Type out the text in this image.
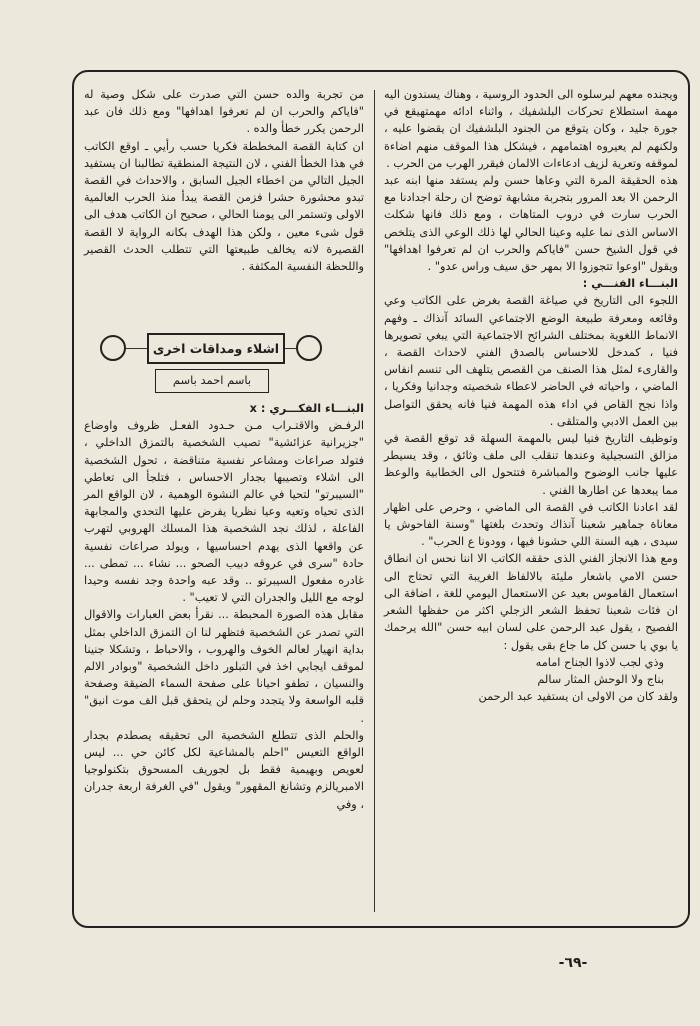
ويجنده معهم لبرسلوه الى الحدود الروسية ، وهناك يسندون اليه مهمة استطلاع تحركات البلشفيك ، واثناء ادائه مهمتهيقع في جورة جليد ، وكان يتوقع من الجنود البلشفيك ان يقضوا عليه ، ولكنهم لم يعيروه اهتمامهم ، فيشكل هذا الموقف منهم اضاءة لموقفه وتعرية لزيف ادعاءات الالمان فيقرر الهرب من الحرب .

هذه الحقيقة المرة التي وعاها حسن ولم يستفد منها ابنه عبد الرحمن الا بعد المرور بتجربة مشابهة توضح ان رحلة اجدادنا مع الحرب سارت في دروب المتاهات ، ومع ذلك فانها شكلت الاساس الذى نما عليه وعينا الحالي لها ذلك الوعي الذى يتلخص في قول الشيخ حسن "فاياكم والحرب ان لم تعرفوا اهدافها" ويقول "اوعوا تتجوزوا الا بمهر حق سيف وراس عدو" .

البنـــاء الفنـــي :

اللجوء الى التاريخ في صياغة القصة بغرض على الكاتب وعي وقائعه ومعرفة طبيعة الوضع الاجتماعي السائد آنذاك ـ وفهم الانماط اللغوية بمختلف الشرائح الاجتماعية التي يبغي تصويرها فنيا ، كمدخل للاحساس بالصدق الفني لاحداث القصة ، والقارىء لمثل هذا الصنف من القصص يتلهف الى تنسم انفاس الماضي ، واحياته في الحاضر لاعطاء شخصيته وجدانيا وفكريا ، واذا نجح القاص في اداء هذه المهمة فنيا فانه يحقق التواصل بين العمل الادبي والمتلقى .

وتوظيف التاريخ فنيا ليس بالمهمة السهلة قد توقع القصة في مزالق التسجيلية وعندها تنقلب الى ملف وثائق ، وقد يسيطر عليها جانب الوضوح والمباشرة فتتحول الى الخطابية والوعظ مما يبعدها عن اطارها الفني .

لقد اعادنا الكاتب في القصة الى الماضي ، وحرص على اظهار معاناة جماهير شعبنا آنذاك وتحدث بلغتها "وسنة الفاحوش يا سيدى ، هيه السنة اللي حشونا فيها ، وودونا ع الحرب" .

ومع هذا الانجاز الفني الذى حققه الكاتب الا اننا نحس ان انطاق حسن الامي باشعار مليئة بالالفاظ الغريبة التي تحتاج الى استعمال القاموس بعيد عن الاستعمال اليومي للغة ، اضافة الى ان فئات شعبنا تحفظ الشعر الزجلي اكثر من حفظها الشعر الفصيح ، يقول عبد الرحمن على لسان ابيه حسن "الله يرحمك يا بوي يا حسن كل ما جاع بقى يقول :

وذي لجب لاذوا الجناح امامه

بناج ولا الوحش المثار سالم

ولقد كان من الاولى ان يستفيد عبد الرحمن

من تجربة والده حسن التي صدرت على شكل وصية له "فاياكم والحرب ان لم تعرفوا اهدافها" ومع ذلك فان عبد الرحمن يكرر خطأ والده .

ان كتابة القصة المخططة فكريا حسب رأيي ـ اوقع الكاتب في هذا الخطأ الفني ، لان النتيجة المنطقية تطالبنا ان يستفيد الجيل التالي من اخطاء الجيل السابق ، والاحداث في القصة تبدو محشورة حشرا فزمن القصة يبدأ منذ الحرب العالمية الاولى وتستمر الى يومنا الحالي ، صحيح ان الكاتب هدف الى قول شىء معين ، ولكن هذا الهدف بكانه الرواية لا القصة القصيرة لانه يخالف طبيعتها التي تتطلب الحدث القصير واللحظة النفسية المكثفة .

اشلاء ومداقات اخرى
باسم احمد باسم

البنـــاء الفكـــري : x

الرفـض والاقتـراب مـن حـدود الفعـل ظروف واوضاع "جزيرانية عزائشية" تصيب الشخصية بالتمزق الداخلي ، فتولد صراعات ومشاعر نفسية متناقضة ، تحول الشخصية الى اشلاء وتصيبها بجدار الاحساس ، فتلجأ الى تعاطي "السيبرتو" لتحيا في عالم النشوة الوهمية ، لان الواقع المر الذى تحياه وتعيه وعيا نظريا يفرض عليها التحدي والمجابهة الفاعلة ، لذلك نجد الشخصية هذا المسلك الهروبي لتهرب عن واقعها الذى يهدم احساسيها ، ويولد صراعات نفسية حادة "سرى في عروقه دبيب الصحو ... نشاء ... تمطى ... غادره مفعول السيبرتو .. وقد عبه واحدة وجد نفسه وحيدا لوجه مع الليل والجدران التي لا تعيب" .

مقابل هذه الصورة المحبطة ... نقرأ بعض العبارات والاقوال التي تصدر عن الشخصية فتظهر لنا ان التمزق الداخلي بمثل بداية انهيار لعالم الخوف والهروب ، والاحباط ، وتشكلا جنينا لموقف ايجابي اخذ في التبلور داخل الشخصية "وبوادر الالم والنسيان ، تطفو احيانا على صفحة السماء الضيقة وصفحة قلبه الواسعة ولا يتجدد وحلم لن يتحقق قبل الف موت انيق" .

والحلم الذى تتطلع الشخصية الى تحقيقه يصطدم بجدار الواقع التعيس "احلم بالمشاعية لكل كائن حي ... ليس لعويص وبهيمية فقط بل لجوريف المسحوق بتكنولوجيا الامبريالزم وتشانغ المقهور" ويقول "في الغرفة اربعة جدران ، وفي

-٦٩-
